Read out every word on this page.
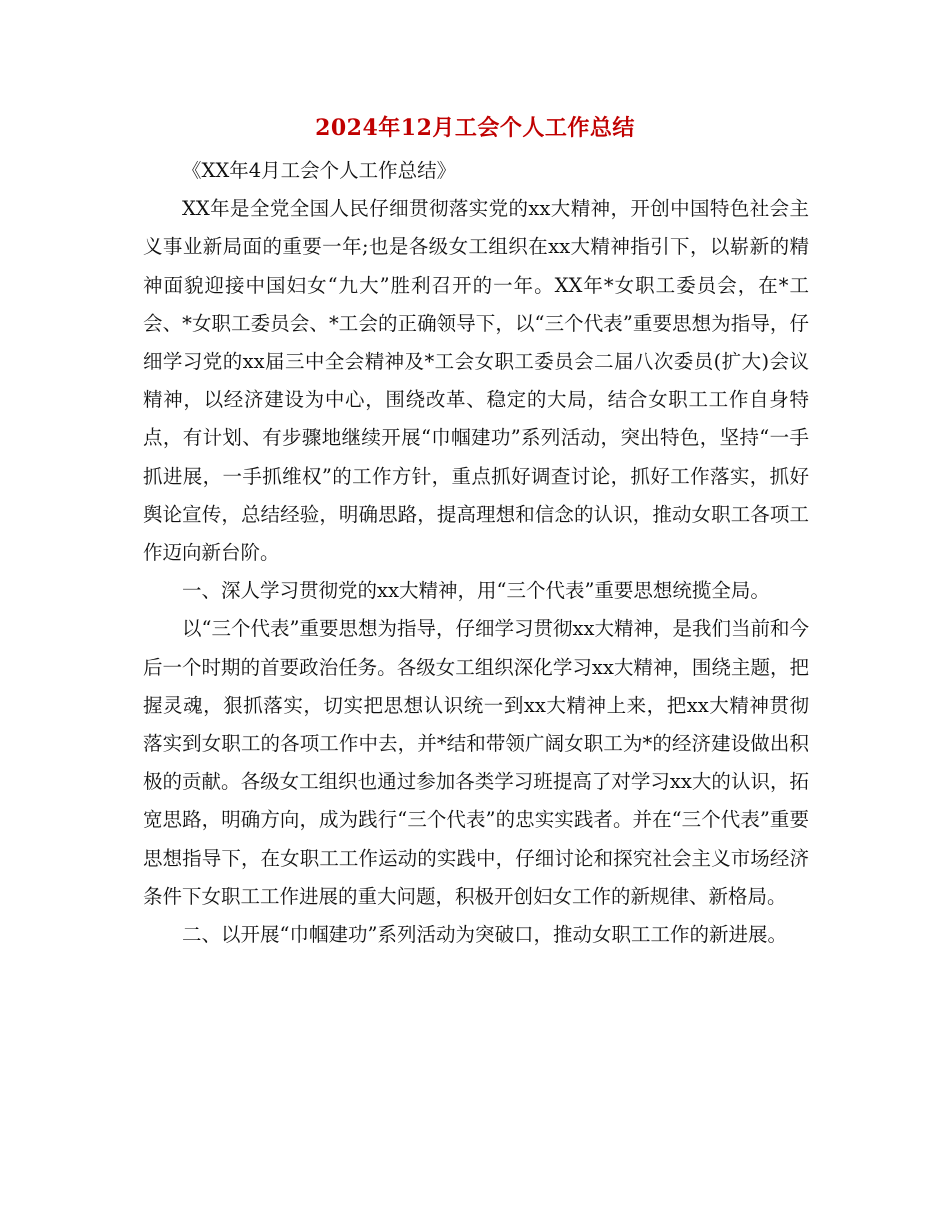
2024年12月工会个人工作总结

《XX年4月工会个人工作总结》

XX年是全党全国人民仔细贯彻落实党的xx大精神，开创中国特色社会主义事业新局面的重要一年;也是各级女工组织在xx大精神指引下，以崭新的精神面貌迎接中国妇女“九大”胜利召开的一年。XX年*女职工委员会，在*工会、*女职工委员会、*工会的正确领导下，以“三个代表”重要思想为指导，仔细学习党的xx届三中全会精神及*工会女职工委员会二届八次委员(扩大)会议精神，以经济建设为中心，围绕改革、稳定的大局，结合女职工工作自身特点，有计划、有步骤地继续开展“巾帼建功”系列活动，突出特色，坚持“一手抓进展，一手抓维权”的工作方针，重点抓好调查讨论，抓好工作落实，抓好舆论宣传，总结经验，明确思路，提高理想和信念的认识，推动女职工各项工作迈向新台阶。

一、深人学习贯彻党的xx大精神，用“三个代表”重要思想统揽全局。

以“三个代表”重要思想为指导，仔细学习贯彻xx大精神，是我们当前和今后一个时期的首要政治任务。各级女工组织深化学习xx大精神，围绕主题，把握灵魂，狠抓落实，切实把思想认识统一到xx大精神上来，把xx大精神贯彻落实到女职工的各项工作中去，并*结和带领广阔女职工为*的经济建设做出积极的贡献。各级女工组织也通过参加各类学习班提高了对学习xx大的认识，拓宽思路，明确方向，成为践行“三个代表”的忠实实践者。并在“三个代表”重要思想指导下，在女职工工作运动的实践中，仔细讨论和探究社会主义市场经济条件下女职工工作进展的重大问题，积极开创妇女工作的新规律、新格局。

二、以开展“巾帼建功”系列活动为突破口，推动女职工工作的新进展。
